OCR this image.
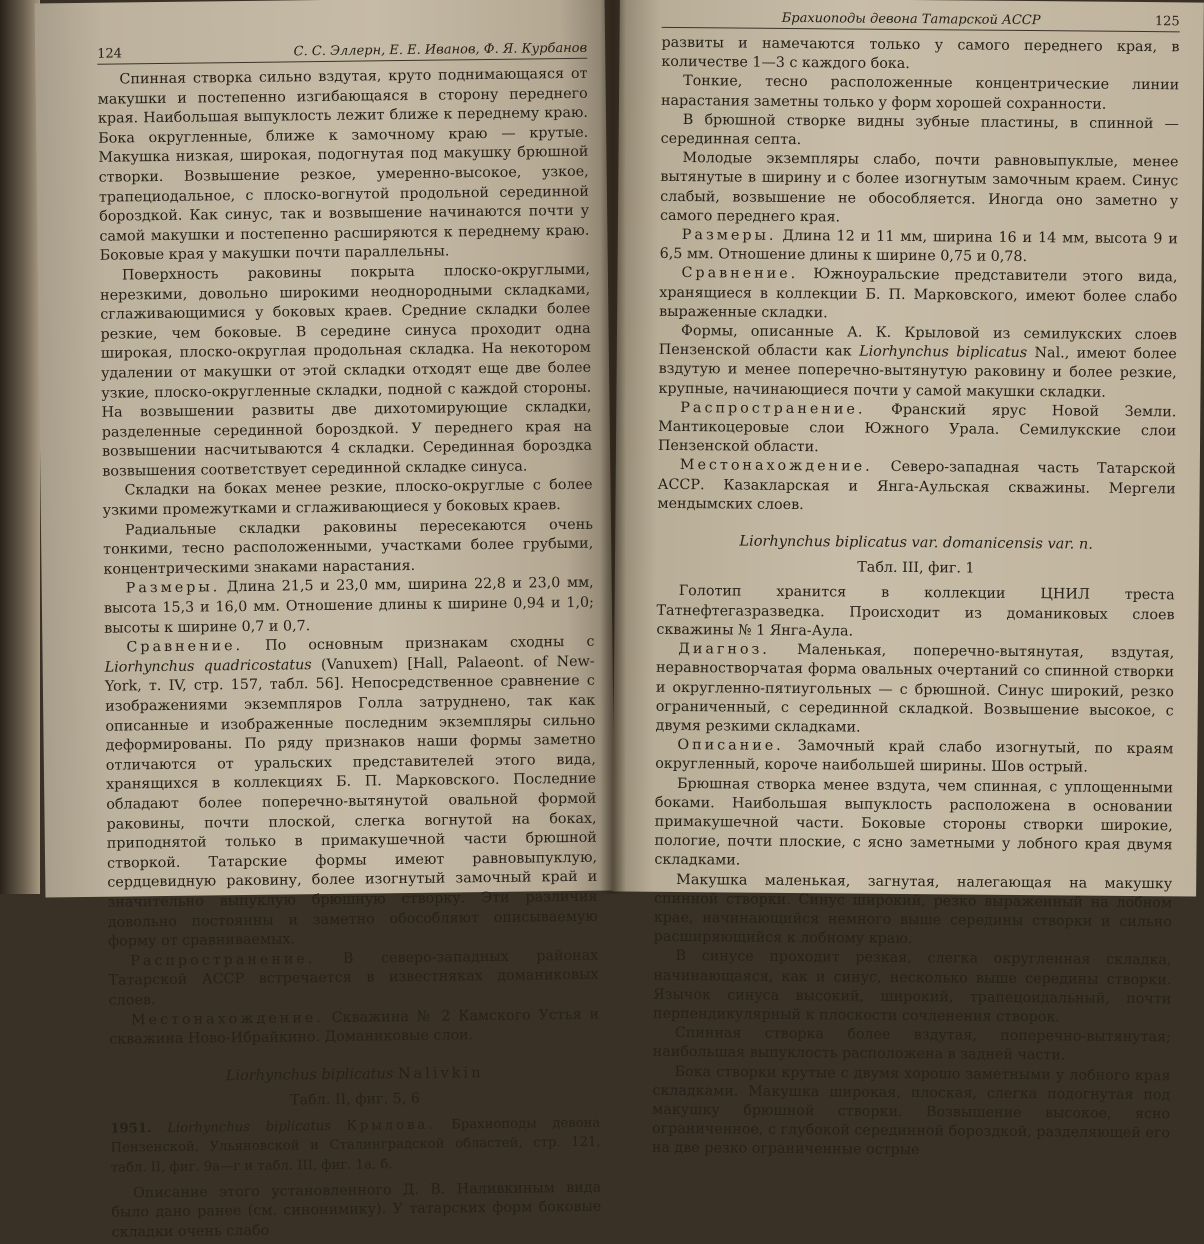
124	С. С. Эллерн, Е. Е. Иванов, Ф. Я. Курбанов

Спинная створка сильно вздутая, круто поднимающаяся от макушки и постепенно изгибающаяся в сторону переднего края. Наибольшая выпуклость лежит ближе к переднему краю. Бока округленные, ближе к замочному краю — крутые. Макушка низкая, широкая, подогнутая под макушку брюшной створки. Возвышение резкое, умеренно-высокое, узкое, трапециодальное, с плоско-вогнутой продольной серединной бороздкой. Как синус, так и возвышение начинаются почти у самой макушки и постепенно расширяются к переднему краю. Боковые края у макушки почти параллельны.

Поверхность раковины покрыта плоско-округлыми, нерезкими, довольно широкими неоднородными складками, сглаживающимися у боковых краев. Средние складки более резкие, чем боковые. В середине синуса проходит одна широкая, плоско-округлая продольная складка. На некотором удалении от макушки от этой складки отходят еще две более узкие, плоско-округленные складки, подной с каждой стороны. На возвышении развиты две дихотомирующие складки, разделенные серединной бороздкой. У переднего края на возвышении насчитываются 4 складки. Серединная бороздка возвышения соответствует серединной складке синуса.

Складки на боках менее резкие, плоско-округлые с более узкими промежутками и сглаживающиеся у боковых краев.

Радиальные складки раковины пересекаются очень тонкими, тесно расположенными, участками более грубыми, концентрическими знаками нарастания.

Размеры. Длина 21,5 и 23,0 мм, ширина 22,8 и 23,0 мм, высота 15,3 и 16,0 мм. Отношение длины к ширине 0,94 и 1,0; высоты к ширине 0,7 и 0,7.

Сравнение. По основным признакам сходны с Liorhynchus quadricostatus (Vanuxem) [Hall, Palaeont. of New-York, т. IV, стр. 157, табл. 56]. Непосредственное сравнение с изображениями экземпляров Голла затруднено, так как описанные и изображенные последним экземпляры сильно деформированы. По ряду признаков наши формы заметно отличаются от уральских представителей этого вида, хранящихся в коллекциях Б. П. Марковского. Последние обладают более поперечно-вытянутой овальной формой раковины, почти плоской, слегка вогнутой на боках, приподнятой только в примакушечной части брюшной створкой. Татарские формы имеют равновыпуклую, сердцевидную раковину, более изогнутый замочный край и значительно выпуклую брюшную створку. Эти различия довольно постоянны и заметно обособляют описываемую форму от сравниваемых.

Распространение. В северо-западных районах Татарской АССР встречается в известняках доманиковых слоев.

Местонахождение. Скважина № 2 Камского Устья и скважина Ново-Ибрайкино. Доманиковые слои.

Liorhynchus biplicatus Nalivkin

Табл. II, фиг. 5, 6

1951. Liorhynchus biplicatus Крылова. Брахиоподы девона Пензенской, Ульяновской и Сталинградской областей, стр. 121, табл. II, фиг. 9а—г и табл. III, фиг. 1а, б.

Описание этого установленного Д. В. Наливкиным вида было дано ранее (см. синонимику). У татарских форм боковые складки очень слабо

Брахиоподы девона Татарской АССР	125

развиты и намечаются только у самого переднего края, в количестве 1—3 с каждого бока.

Тонкие, тесно расположенные концентрические линии нарастания заметны только у форм хорошей сохранности.

В брюшной створке видны зубные пластины, в спинной — серединная септа.

Молодые экземпляры слабо, почти равновыпуклые, менее вытянутые в ширину и с более изогнутым замочным краем. Синус слабый, возвышение не обособляется. Иногда оно заметно у самого переднего края.

Размеры. Длина 12 и 11 мм, ширина 16 и 14 мм, высота 9 и 6,5 мм. Отношение длины к ширине 0,75 и 0,78.

Сравнение. Южноуральские представители этого вида, хранящиеся в коллекции Б. П. Марковского, имеют более слабо выраженные складки.

Формы, описанные А. К. Крыловой из семилукских слоев Пензенской области как Liorhynchus biplicatus Nal., имеют более вздутую и менее поперечно-вытянутую раковину и более резкие, крупные, начинающиеся почти у самой макушки складки.

Распространение. Франский ярус Новой Земли. Мантикоцеровые слои Южного Урала. Семилукские слои Пензенской области.

Местонахождение. Северо-западная часть Татарской АССР. Казакларская и Янга-Аульская скважины. Мергели мендымских слоев.

Liorhynchus biplicatus var. domanicensis var. n.

Табл. III, фиг. 1

Голотип хранится в коллекции ЦНИЛ треста Татнефтегазразведка. Происходит из доманиковых слоев скважины № 1 Янга-Аула.

Диагноз. Маленькая, поперечно-вытянутая, вздутая, неравностворчатая форма овальных очертаний со спинной створки и округленно-пятиугольных — с брюшной. Синус широкий, резко ограниченный, с серединной складкой. Возвышение высокое, с двумя резкими складками.

Описание. Замочный край слабо изогнутый, по краям округленный, короче наибольшей ширины. Шов острый.

Брюшная створка менее вздута, чем спинная, с уплощенными боками. Наибольшая выпуклость расположена в основании примакушечной части. Боковые стороны створки широкие, пологие, почти плоские, с ясно заметными у лобного края двумя складками.

Макушка маленькая, загнутая, налегающая на макушку спинной створки. Синус широкий, резко выраженный на лобном крае, начинающийся немного выше середины створки и сильно расширяющийся к лобному краю.

В синусе проходит резкая, слегка округленная складка, начинающаяся, как и синус, несколько выше середины створки. Язычок синуса высокий, широкий, трапецоидальный, почти перпендикулярный к плоскости сочленения створок.

Спинная створка более вздутая, поперечно-вытянутая; наибольшая выпуклость расположена в задней части.

Бока створки крутые с двумя хорошо заметными у лобного края складками. Макушка широкая, плоская, слегка подогнутая под макушку брюшной створки. Возвышение высокое, ясно ограниченное, с глубокой серединной бороздкой, разделяющей его на две резко ограниченные острые
